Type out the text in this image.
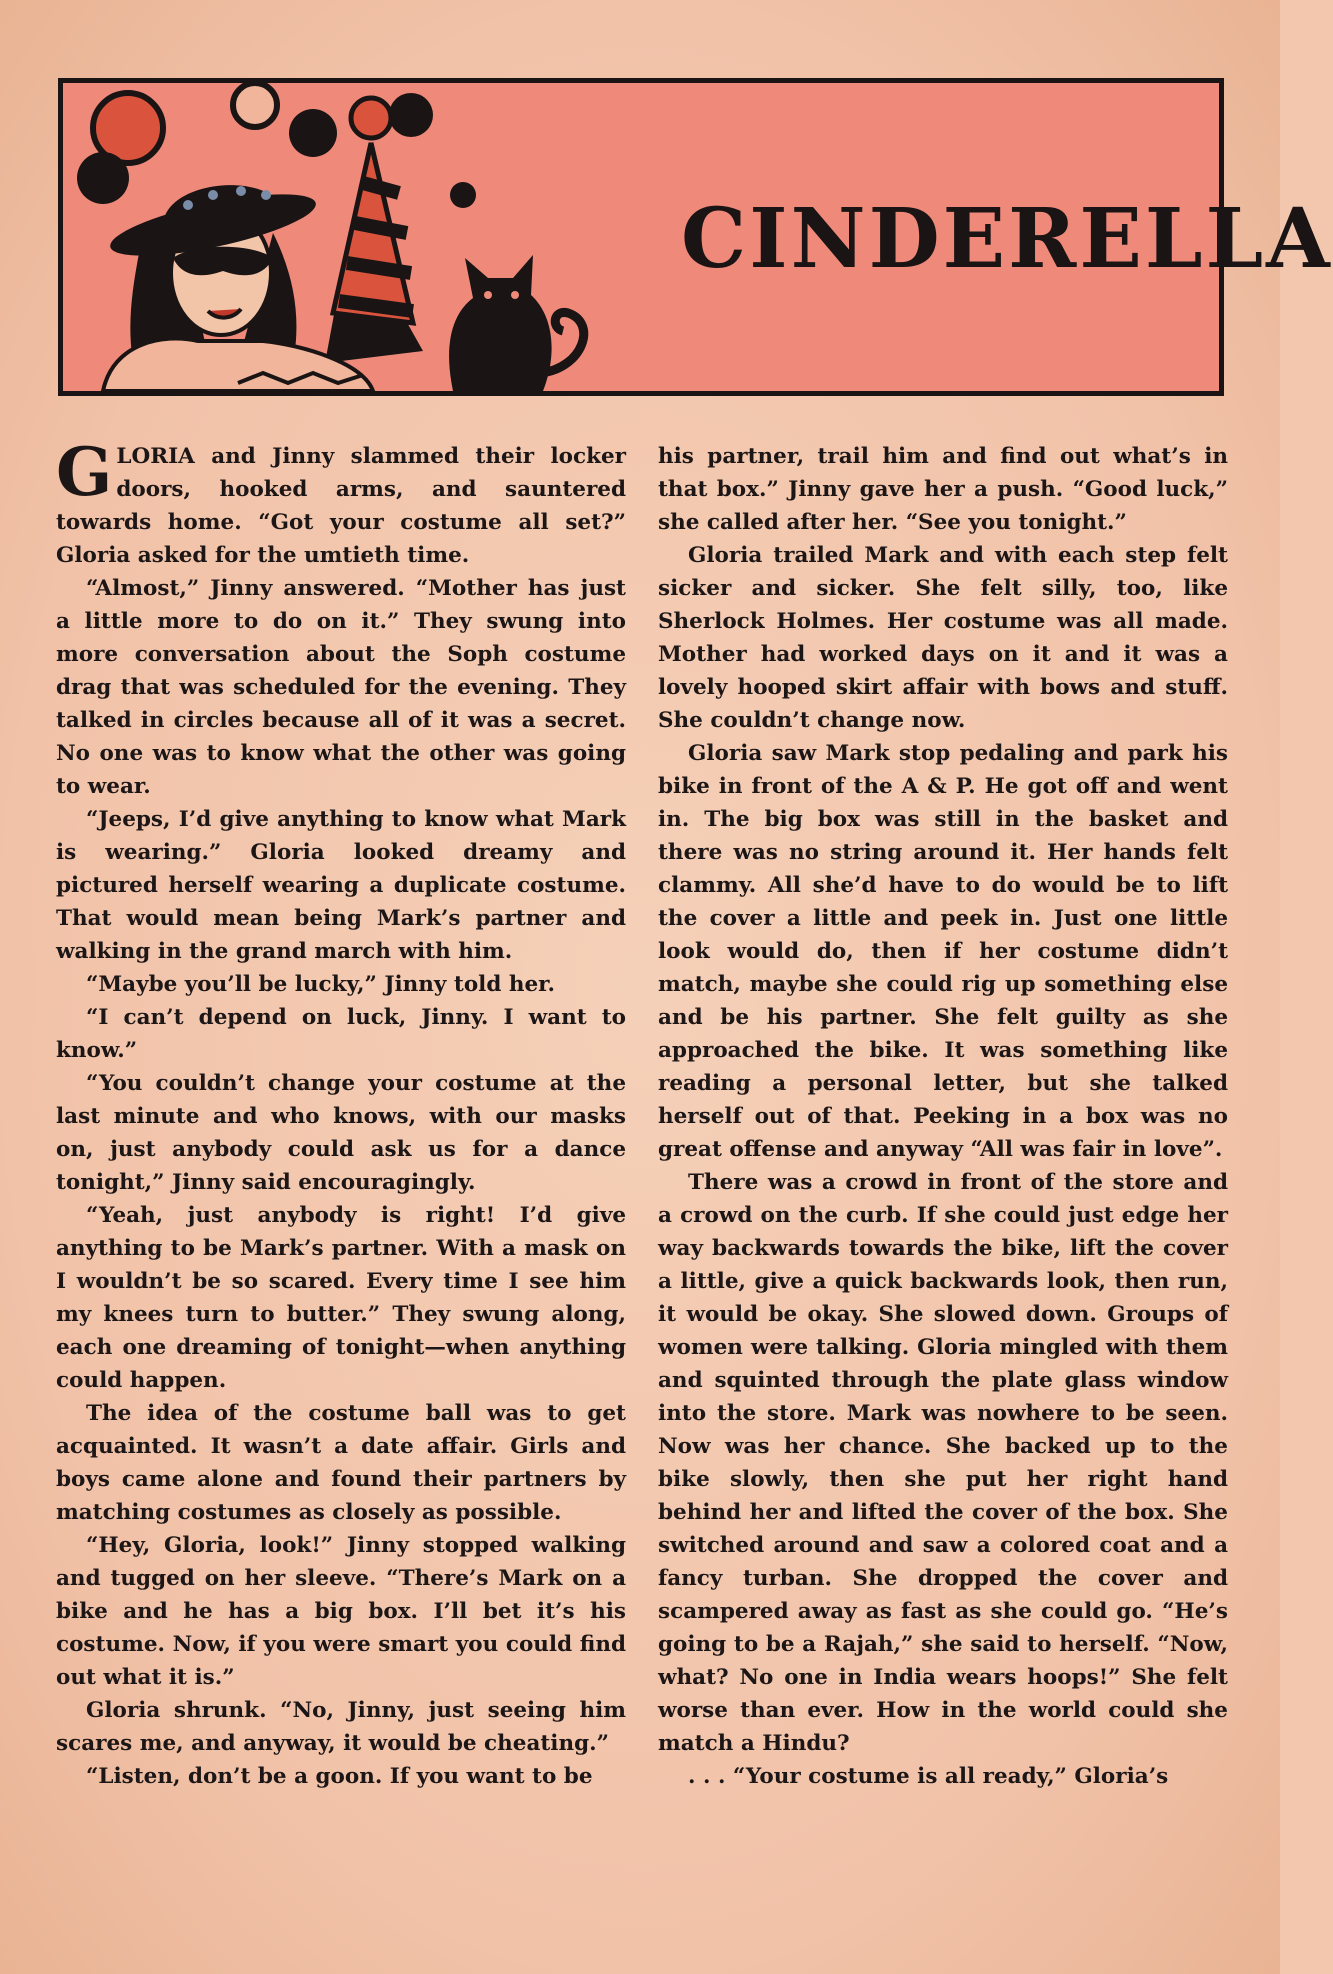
CINDERELLA

GLORIA and Jinny slammed their locker doors, hooked arms, and sauntered towards home. “Got your costume all set?” Gloria asked for the umtieth time.

“Almost,” Jinny answered. “Mother has just a little more to do on it.” They swung into more conversation about the Soph costume drag that was scheduled for the evening. They talked in circles because all of it was a secret. No one was to know what the other was going to wear.

“Jeeps, I’d give anything to know what Mark is wearing.” Gloria looked dreamy and pictured herself wearing a duplicate costume. That would mean being Mark’s partner and walking in the grand march with him.

“Maybe you’ll be lucky,” Jinny told her.

“I can’t depend on luck, Jinny. I want to know.”

“You couldn’t change your costume at the last minute and who knows, with our masks on, just anybody could ask us for a dance tonight,” Jinny said encouragingly.

“Yeah, just anybody is right! I’d give anything to be Mark’s partner. With a mask on I wouldn’t be so scared. Every time I see him my knees turn to butter.” They swung along, each one dreaming of tonight—when anything could happen.

The idea of the costume ball was to get acquainted. It wasn’t a date affair. Girls and boys came alone and found their partners by matching costumes as closely as possible.

“Hey, Gloria, look!” Jinny stopped walking and tugged on her sleeve. “There’s Mark on a bike and he has a big box. I’ll bet it’s his costume. Now, if you were smart you could find out what it is.”

Gloria shrunk. “No, Jinny, just seeing him scares me, and anyway, it would be cheating.”

“Listen, don’t be a goon. If you want to be

his partner, trail him and find out what’s in that box.” Jinny gave her a push. “Good luck,” she called after her. “See you tonight.”

Gloria trailed Mark and with each step felt sicker and sicker. She felt silly, too, like Sherlock Holmes. Her costume was all made. Mother had worked days on it and it was a lovely hooped skirt affair with bows and stuff. She couldn’t change now.

Gloria saw Mark stop pedaling and park his bike in front of the A & P. He got off and went in. The big box was still in the basket and there was no string around it. Her hands felt clammy. All she’d have to do would be to lift the cover a little and peek in. Just one little look would do, then if her costume didn’t match, maybe she could rig up something else and be his partner. She felt guilty as she approached the bike. It was something like reading a personal letter, but she talked herself out of that. Peeking in a box was no great offense and anyway “All was fair in love”.

There was a crowd in front of the store and a crowd on the curb. If she could just edge her way backwards towards the bike, lift the cover a little, give a quick backwards look, then run, it would be okay. She slowed down. Groups of women were talking. Gloria mingled with them and squinted through the plate glass window into the store. Mark was nowhere to be seen. Now was her chance. She backed up to the bike slowly, then she put her right hand behind her and lifted the cover of the box. She switched around and saw a colored coat and a fancy turban. She dropped the cover and scampered away as fast as she could go. “He’s going to be a Rajah,” she said to herself. “Now, what? No one in India wears hoops!” She felt worse than ever. How in the world could she match a Hindu?

. . . “Your costume is all ready,” Gloria’s
